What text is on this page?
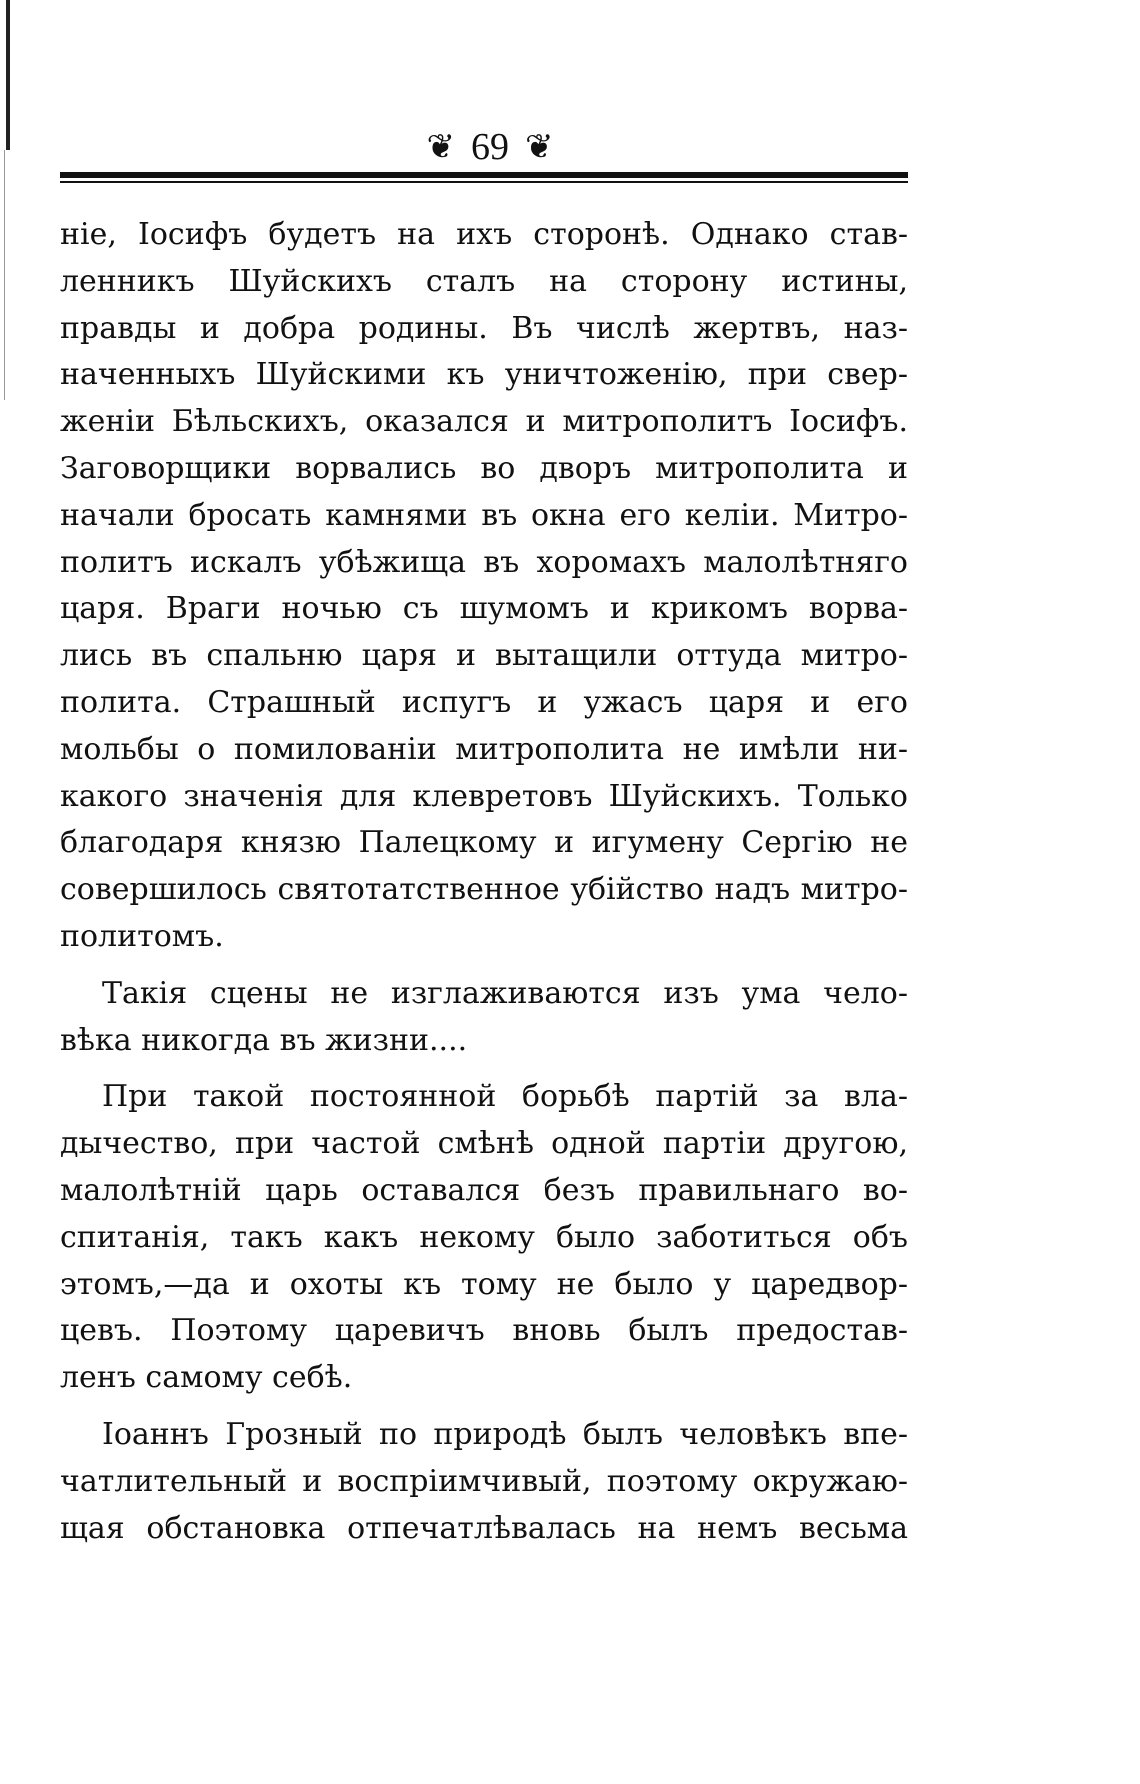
❦ 69 ❦
ніе, Іосифъ будетъ на ихъ сторонѣ. Однако став-
ленникъ Шуйскихъ сталъ на сторону истины,
правды и добра родины. Въ числѣ жертвъ, наз-
наченныхъ Шуйскими къ уничтоженію, при свер-
женіи Бѣльскихъ, оказался и митрополитъ Іосифъ.
Заговорщики ворвались во дворъ митрополита и
начали бросать камнями въ окна его келіи. Митро-
политъ искалъ убѣжища въ хоромахъ малолѣтняго
царя. Враги ночью съ шумомъ и крикомъ ворва-
лись въ спальню царя и вытащили оттуда митро-
полита. Страшный испугъ и ужасъ царя и его
мольбы о помилованіи митрополита не имѣли ни-
какого значенія для клевретовъ Шуйскихъ. Только
благодаря князю Палецкому и игумену Сергію не
совершилось святотатственное убійство надъ митро-
политомъ.
Такія сцены не изглаживаются изъ ума чело-
вѣка никогда въ жизни....
При такой постоянной борьбѣ партій за вла-
дычество, при частой смѣнѣ одной партіи другою,
малолѣтній царь оставался безъ правильнаго во-
спитанія, такъ какъ некому было заботиться объ
этомъ,—да и охоты къ тому не было у царедвор-
цевъ. Поэтому царевичъ вновь былъ предостав-
ленъ самому себѣ.
Іоаннъ Грозный по природѣ былъ человѣкъ впе-
чатлительный и воспріимчивый, поэтому окружаю-
щая обстановка отпечатлѣвалась на немъ весьма
